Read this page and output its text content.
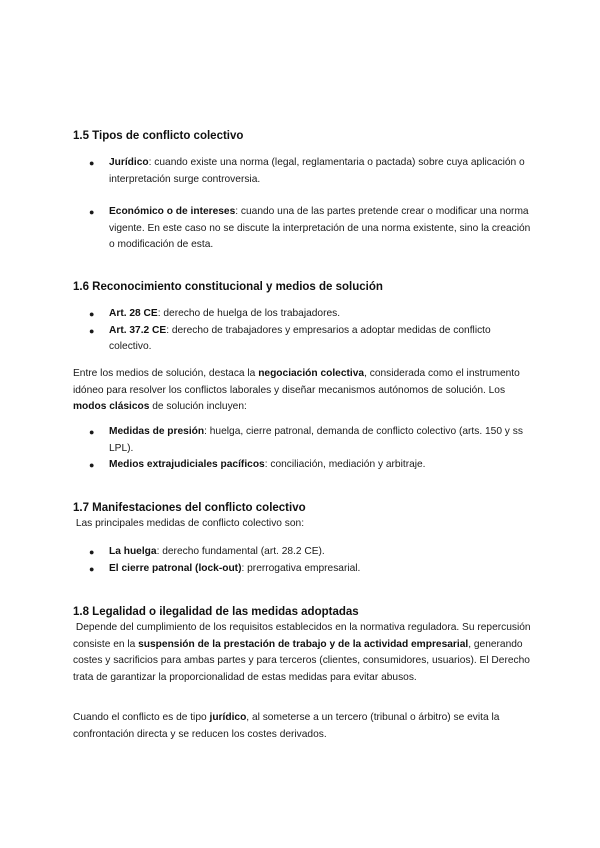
1.5 Tipos de conflicto colectivo
● Jurídico: cuando existe una norma (legal, reglamentaria o pactada) sobre cuya aplicación o interpretación surge controversia.
● Económico o de intereses: cuando una de las partes pretende crear o modificar una norma vigente. En este caso no se discute la interpretación de una norma existente, sino la creación o modificación de esta.
1.6 Reconocimiento constitucional y medios de solución
● Art. 28 CE: derecho de huelga de los trabajadores.
● Art. 37.2 CE: derecho de trabajadores y empresarios a adoptar medidas de conflicto colectivo.

Entre los medios de solución, destaca la negociación colectiva, considerada como el instrumento idóneo para resolver los conflictos laborales y diseñar mecanismos autónomos de solución. Los modos clásicos de solución incluyen:

● Medidas de presión: huelga, cierre patronal, demanda de conflicto colectivo (arts. 150 y ss LPL).
● Medios extrajudiciales pacíficos: conciliación, mediación y arbitraje.
1.7 Manifestaciones del conflicto colectivo

Las principales medidas de conflicto colectivo son:

● La huelga: derecho fundamental (art. 28.2 CE).
● El cierre patronal (lock-out): prerrogativa empresarial.
1.8 Legalidad o ilegalidad de las medidas adoptadas

Depende del cumplimiento de los requisitos establecidos en la normativa reguladora. Su repercusión consiste en la suspensión de la prestación de trabajo y de la actividad empresarial, generando costes y sacrificios para ambas partes y para terceros (clientes, consumidores, usuarios). El Derecho trata de garantizar la proporcionalidad de estas medidas para evitar abusos.

Cuando el conflicto es de tipo jurídico, al someterse a un tercero (tribunal o árbitro) se evita la confrontación directa y se reducen los costes derivados.
